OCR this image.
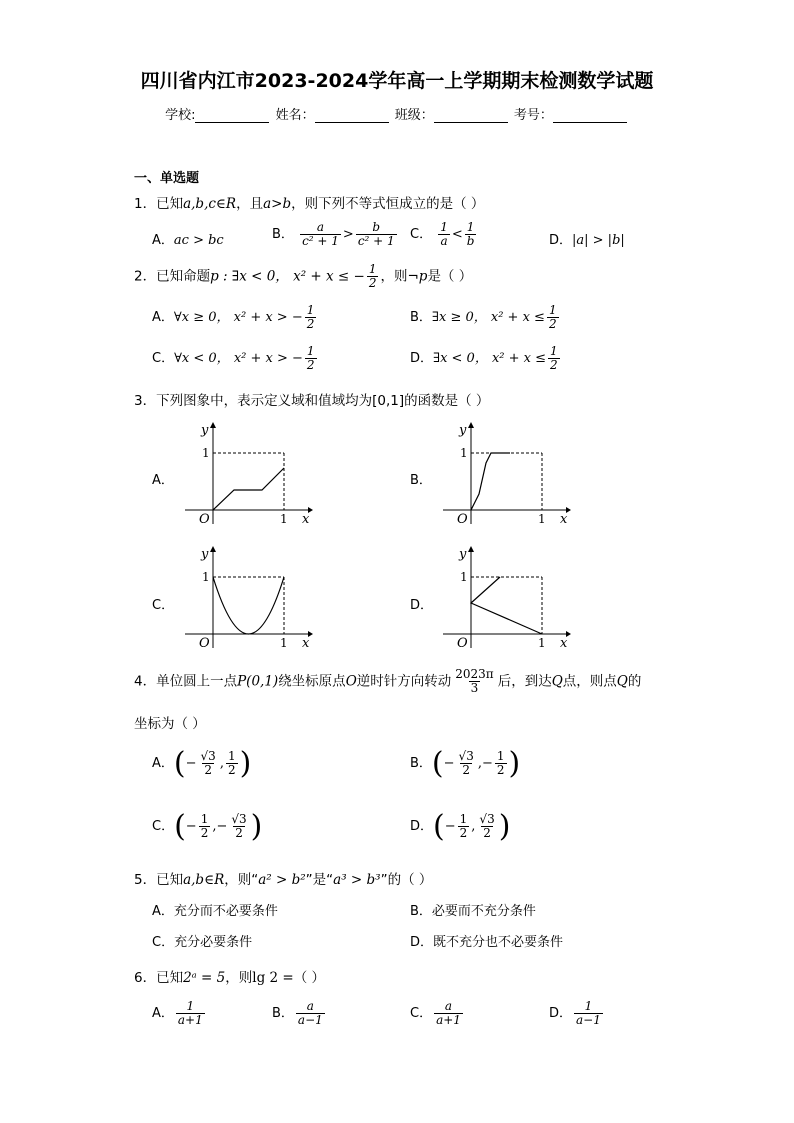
四川省内江市2023-2024学年高一上学期期末检测数学试题
学校:	姓名：	班级：	考号：
一、单选题
1．已知a,b,c∈R，且a>b，则下列不等式恒成立的是（ ）
A．ac > bc	B． $\frac{a}{\text{c² + 1}} > \frac{b}{\text{c² + 1}}$ C． $\frac{1}{a} < \frac{1}{b}$	D．|a| > |b|
2．已知命题p : ∃x < 0， x² + x ≤ − $\frac{1}{2}$ ，则¬p是（ ）
A．∀x ≥ 0， x² + x > − $\frac{1}{2}$	B．∃x ≥ 0， $x^2 + x \le \frac{1}{2}$
C．∀x < 0， x² + x > − $\frac{1}{2}$	D．∃x < 0， $x^2 + x \le \frac{1}{2}$
3．下列图象中，表示定义域和值域均为[0,1]的函数是（ ）
A．	B．
C．	D．
y
x
O	1
1
y
x
O	1
1
y
x
O	1
1
y
x
O	1
1
4．单位圆上一点P(0,1)绕坐标原点O逆时针方向转动 $\frac{2023\pi}{3}$ 后，到达Q点，则点Q的
坐标为（ ）
A．(− $\frac{√3}{2}$ , $\frac{1}{2}$ )	B．(− $\frac{√3}{2}$ ,− $\frac{1}{2}$ )
C．(− $\frac{1}{2}$ ,− $\frac{√3}{2}$ )	D．(− $\frac{1}{2}$ , $\frac{√3}{2}$ )
5．已知a,b∈R，则“a² > b²”是“a³ > b³”的（ ）
A．充分而不必要条件	B．必要而不充分条件
C．充分必要条件	D．既不充分也不必要条件
6．已知2ᵃ = 5，则lg 2 =（ ）
A． $\frac{1}{a+1}$	B． $\frac{a}{a-1}$	C． $\frac{a}{a+1}$	D． $\frac{1}{a-1}$
